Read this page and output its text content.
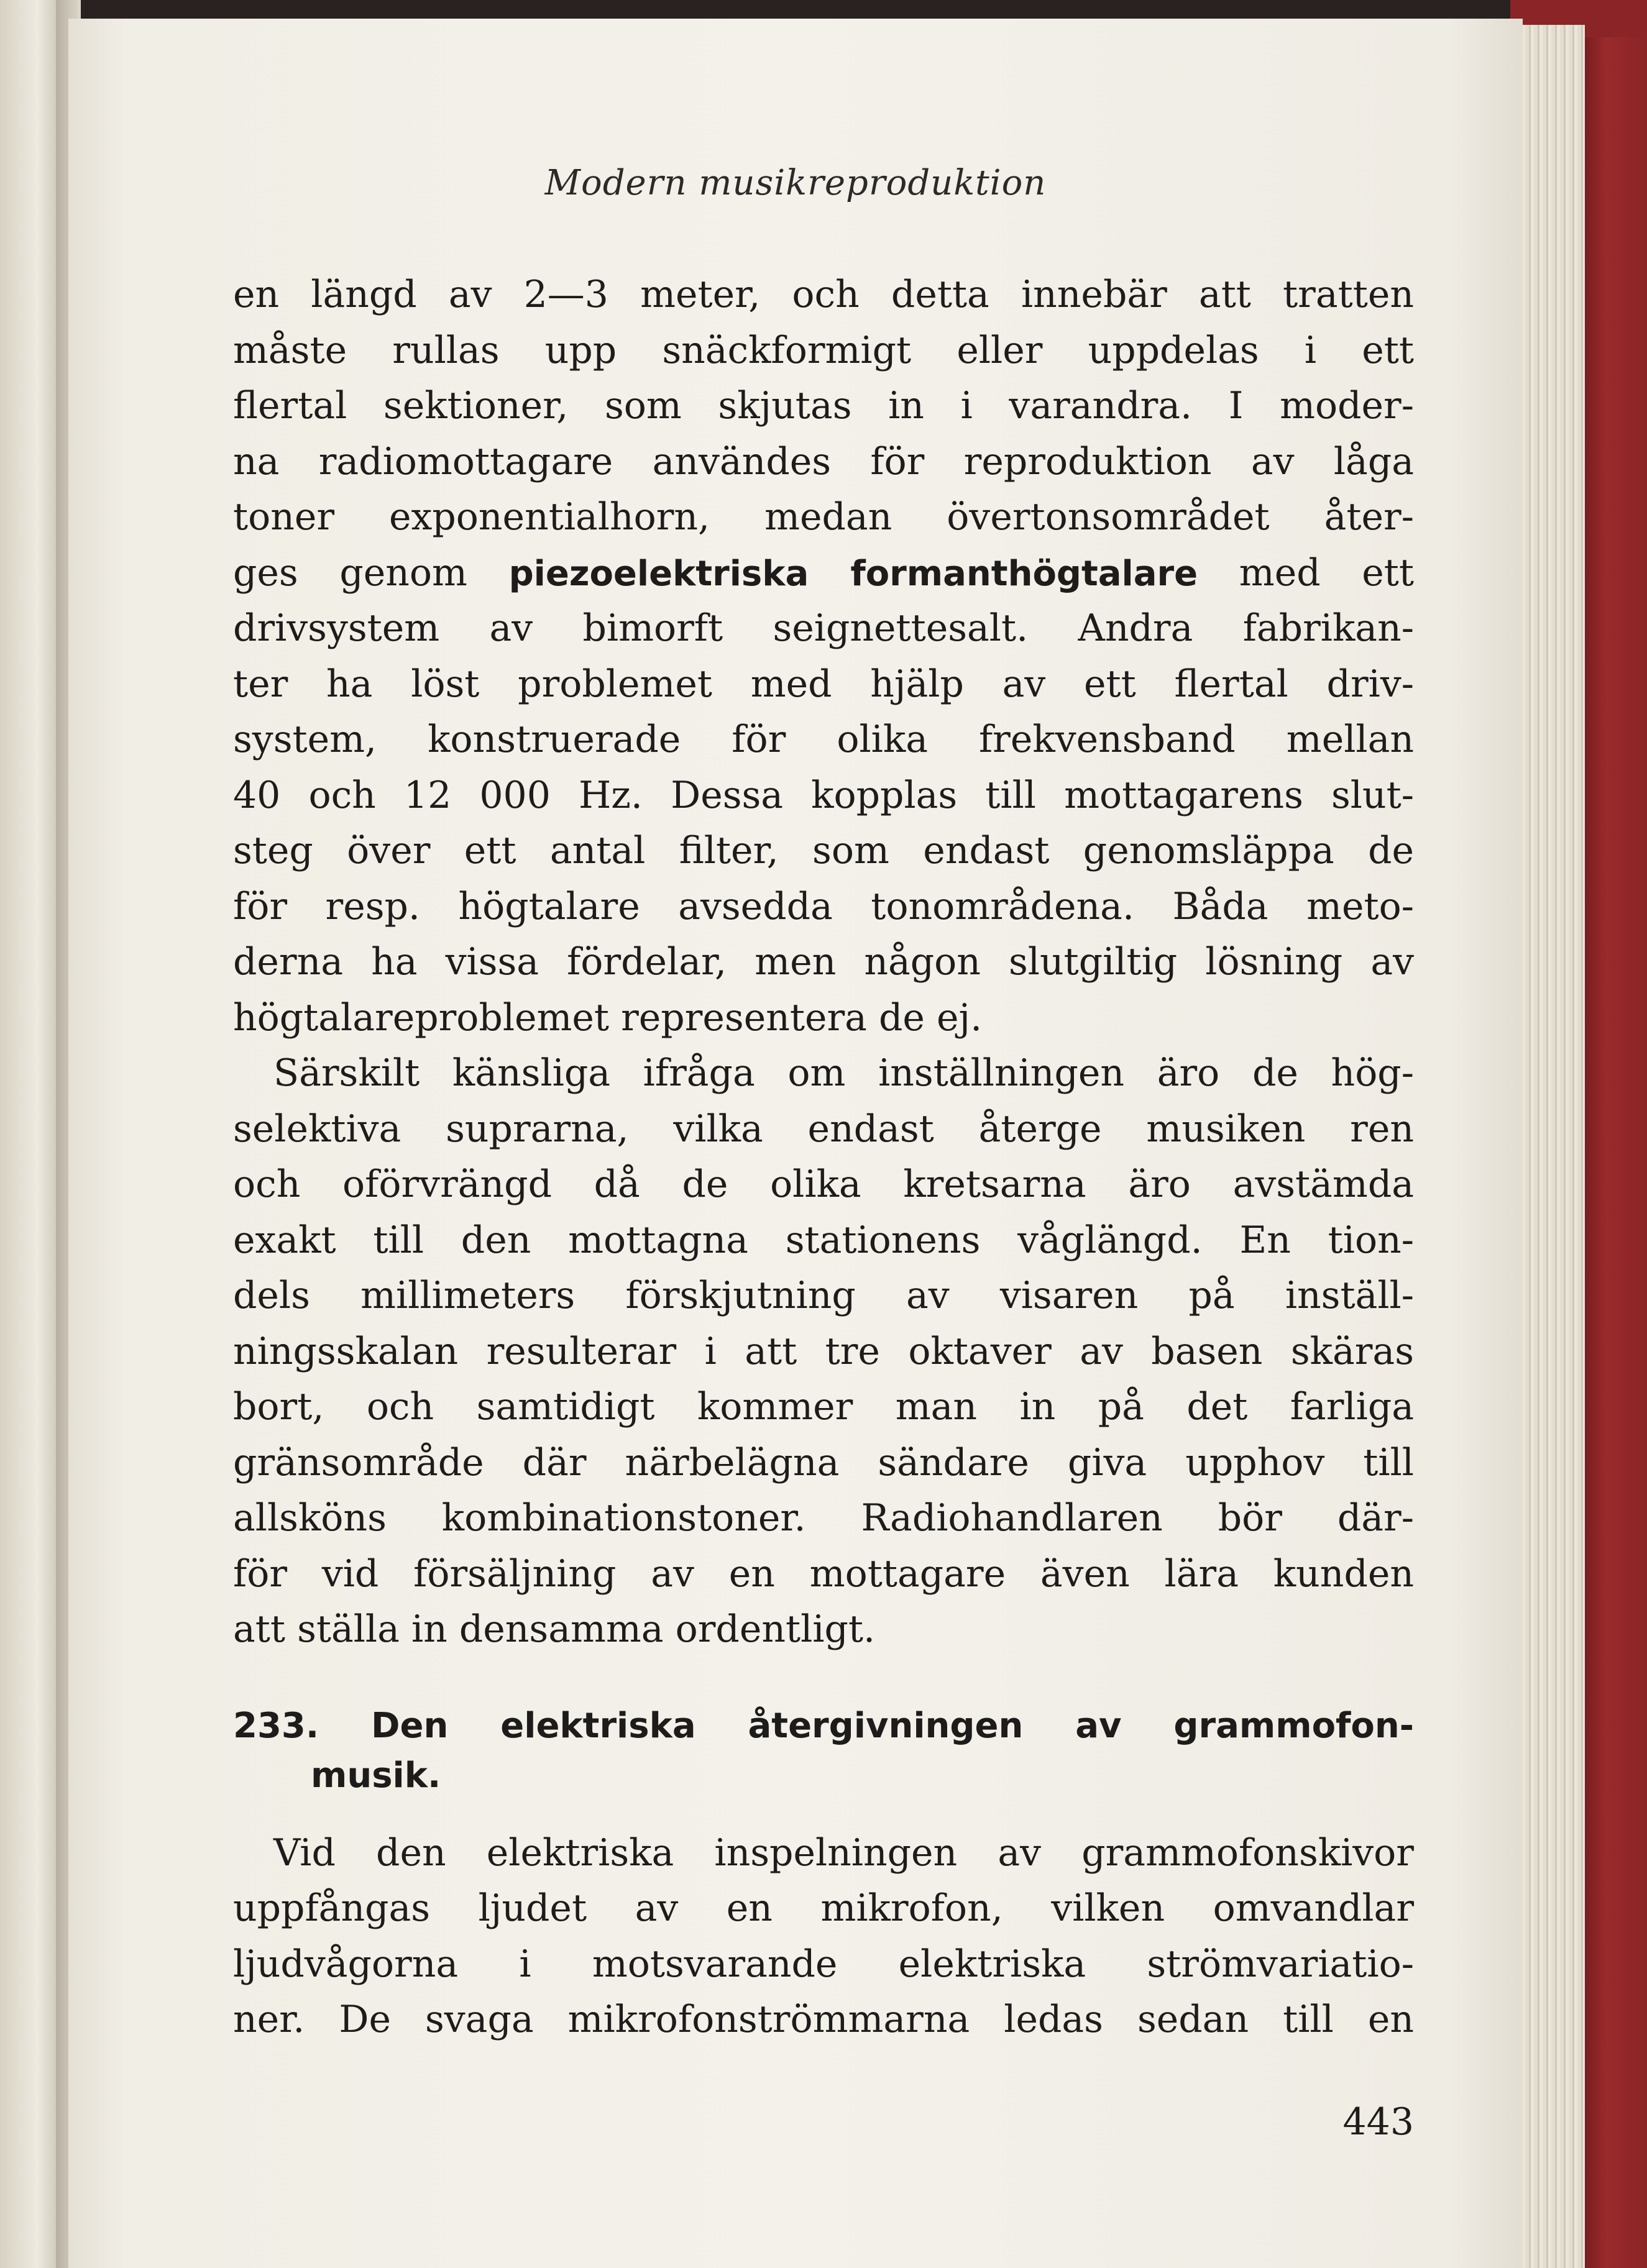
Modern musikreproduktion
en längd av 2—3 meter, och detta innebär att tratten
måste rullas upp snäckformigt eller uppdelas i ett
flertal sektioner, som skjutas in i varandra. I moder-
na radiomottagare användes för reproduktion av låga
toner exponentialhorn, medan övertonsområdet åter-
ges genom piezoelektriska formanthögtalare med ett
drivsystem av bimorft seignettesalt. Andra fabrikan-
ter ha löst problemet med hjälp av ett flertal driv-
system, konstruerade för olika frekvensband mellan
40 och 12 000 Hz. Dessa kopplas till mottagarens slut-
steg över ett antal filter, som endast genomsläppa de
för resp. högtalare avsedda tonområdena. Båda meto-
derna ha vissa fördelar, men någon slutgiltig lösning av
högtalareproblemet representera de ej.
Särskilt känsliga ifråga om inställningen äro de hög-
selektiva suprarna, vilka endast återge musiken ren
och oförvrängd då de olika kretsarna äro avstämda
exakt till den mottagna stationens våglängd. En tion-
dels millimeters förskjutning av visaren på inställ-
ningsskalan resulterar i att tre oktaver av basen skäras
bort, och samtidigt kommer man in på det farliga
gränsområde där närbelägna sändare giva upphov till
allsköns kombinationstoner. Radiohandlaren bör där-
för vid försäljning av en mottagare även lära kunden
att ställa in densamma ordentligt.
233. Den elektriska återgivningen av grammofon-
musik.
Vid den elektriska inspelningen av grammofonskivor
uppfångas ljudet av en mikrofon, vilken omvandlar
ljudvågorna i motsvarande elektriska strömvariatio-
ner. De svaga mikrofonströmmarna ledas sedan till en
443
